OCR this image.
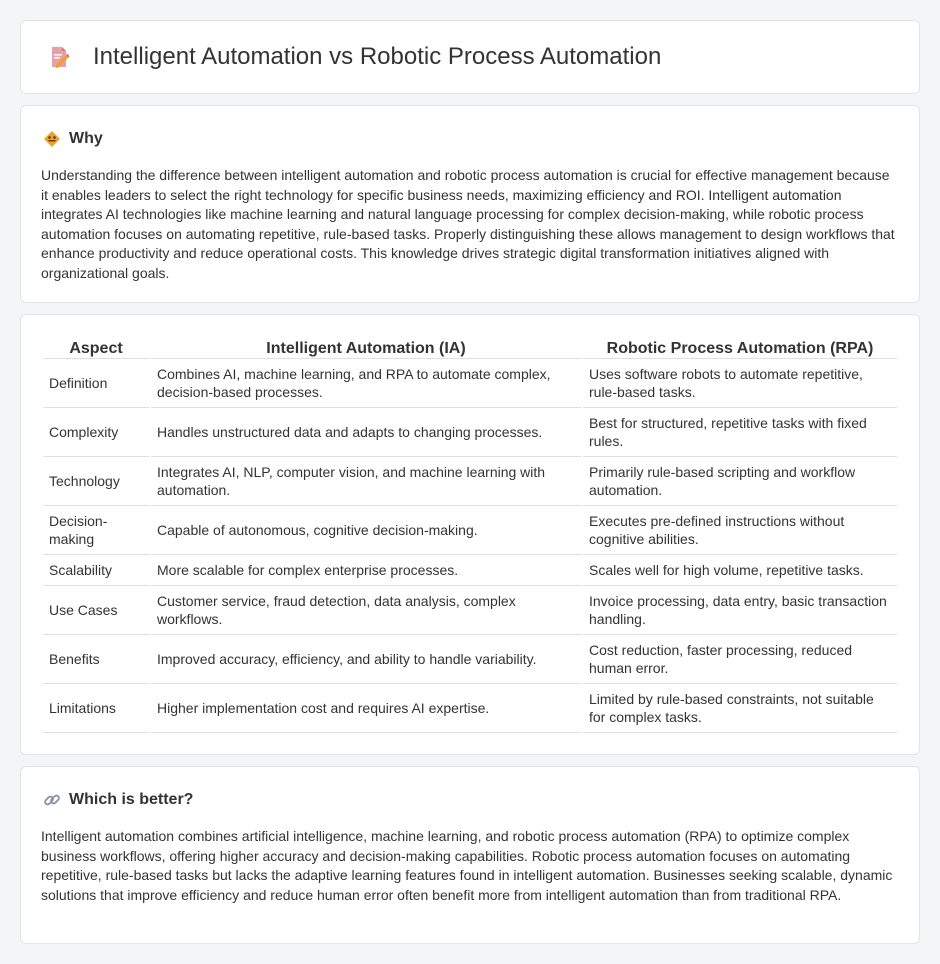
Intelligent Automation vs Robotic Process Automation
Why

Understanding the difference between intelligent automation and robotic process automation is crucial for effective management because it enables leaders to select the right technology for specific business needs, maximizing efficiency and ROI. Intelligent automation integrates AI technologies like machine learning and natural language processing for complex decision-making, while robotic process automation focuses on automating repetitive, rule-based tasks. Properly distinguishing these allows management to design workflows that enhance productivity and reduce operational costs. This knowledge drives strategic digital transformation initiatives aligned with organizational goals.

Aspect	Intelligent Automation (IA)	Robotic Process Automation (RPA)
Definition	Combines AI, machine learning, and RPA to automate complex, decision-based processes.	Uses software robots to automate repetitive, rule-based tasks.
Complexity	Handles unstructured data and adapts to changing processes.	Best for structured, repetitive tasks with fixed rules.
Technology	Integrates AI, NLP, computer vision, and machine learning with automation.	Primarily rule-based scripting and workflow automation.
Decision-making	Capable of autonomous, cognitive decision-making.	Executes pre-defined instructions without cognitive abilities.
Scalability	More scalable for complex enterprise processes.	Scales well for high volume, repetitive tasks.
Use Cases	Customer service, fraud detection, data analysis, complex workflows.	Invoice processing, data entry, basic transaction handling.
Benefits	Improved accuracy, efficiency, and ability to handle variability.	Cost reduction, faster processing, reduced human error.
Limitations	Higher implementation cost and requires AI expertise.	Limited by rule-based constraints, not suitable for complex tasks.
Which is better?

Intelligent automation combines artificial intelligence, machine learning, and robotic process automation (RPA) to optimize complex business workflows, offering higher accuracy and decision-making capabilities. Robotic process automation focuses on automating repetitive, rule-based tasks but lacks the adaptive learning features found in intelligent automation. Businesses seeking scalable, dynamic solutions that improve efficiency and reduce human error often benefit more from intelligent automation than from traditional RPA.
